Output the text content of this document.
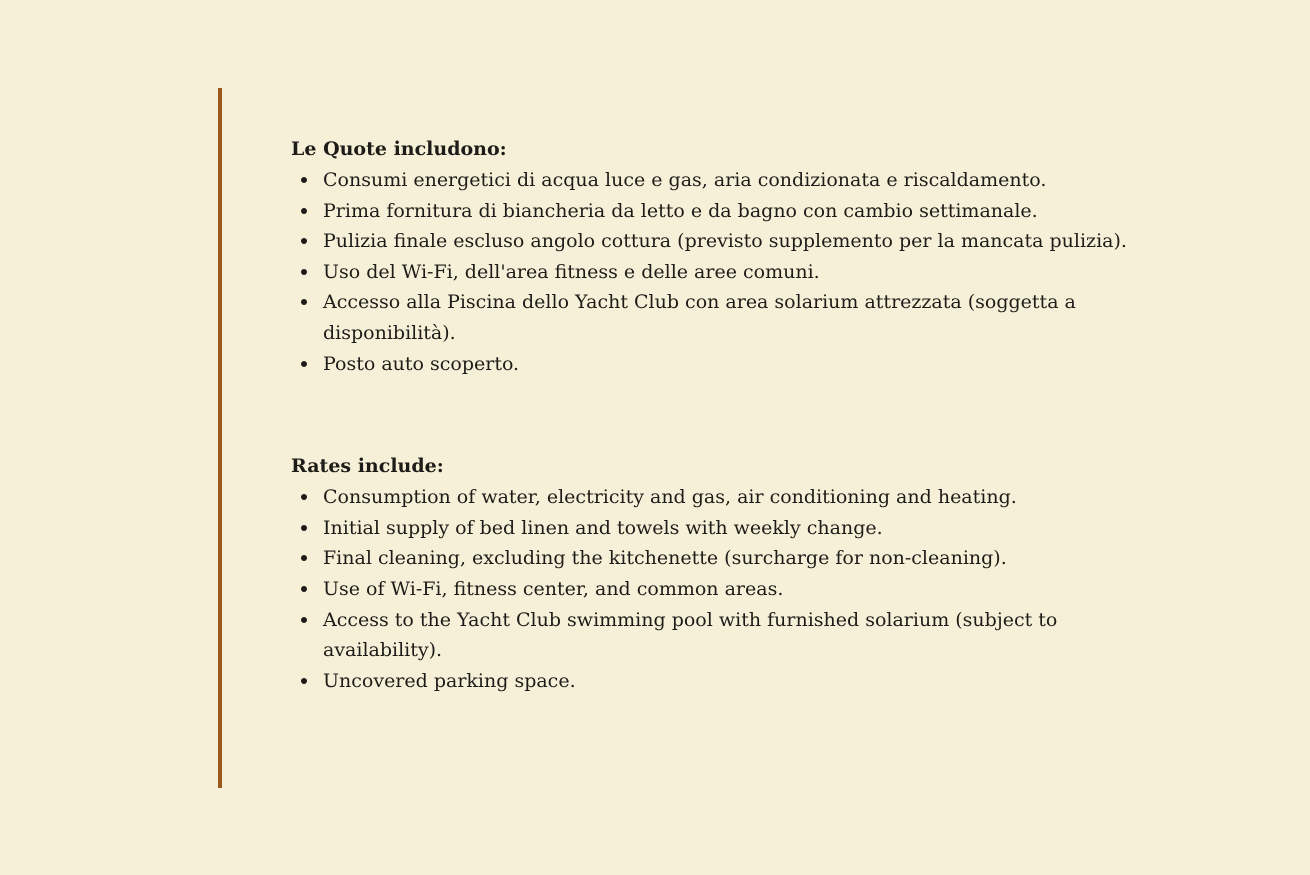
Le Quote includono:
Consumi energetici di acqua luce e gas, aria condizionata e riscaldamento.
Prima fornitura di biancheria da letto e da bagno con cambio settimanale.
Pulizia finale escluso angolo cottura (previsto supplemento per la mancata pulizia).
Uso del Wi-Fi, dell'area fitness e delle aree comuni.
Accesso alla Piscina dello Yacht Club con area solarium attrezzata (soggetta a disponibilità).
Posto auto scoperto.
Rates include:
Consumption of water, electricity and gas, air conditioning and heating.
Initial supply of bed linen and towels with weekly change.
Final cleaning, excluding the kitchenette (surcharge for non-cleaning).
Use of Wi-Fi, fitness center, and common areas.
Access to the Yacht Club swimming pool with furnished solarium (subject to availability).
Uncovered parking space.
